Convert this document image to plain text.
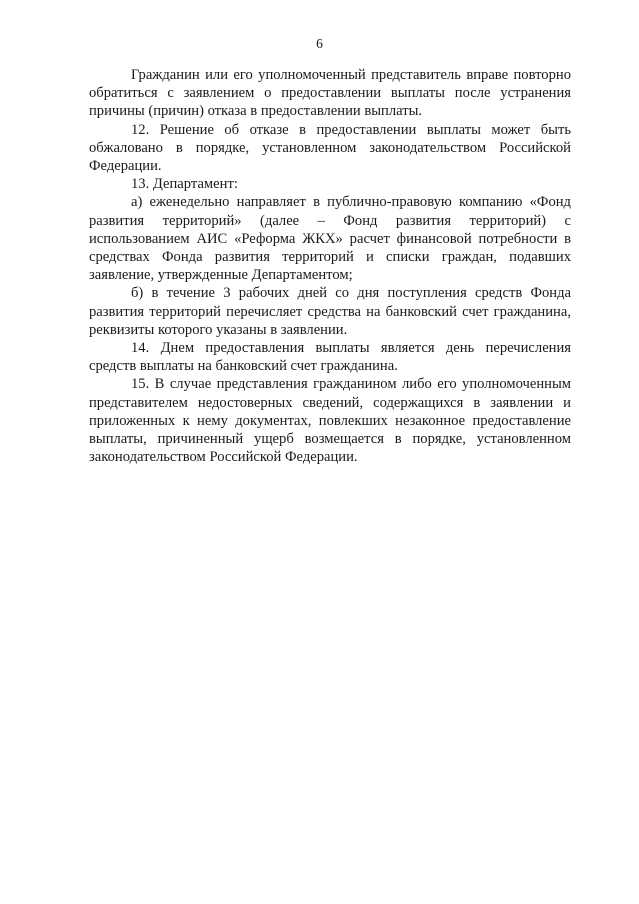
6

Гражданин или его уполномоченный представитель вправе повторно обратиться с заявлением о предоставлении выплаты после устранения причины (причин) отказа в предоставлении выплаты.

12. Решение об отказе в предоставлении выплаты может быть обжаловано в порядке, установленном законодательством Российской Федерации.

13. Департамент:

а) еженедельно направляет в публично-правовую компанию «Фонд развития территорий» (далее – Фонд развития территорий) с использованием АИС «Реформа ЖКХ» расчет финансовой потребности в средствах Фонда развития территорий и списки граждан, подавших заявление, утвержденные Департаментом;

б) в течение 3 рабочих дней со дня поступления средств Фонда развития территорий перечисляет средства на банковский счет гражданина, реквизиты которого указаны в заявлении.

14. Днем предоставления выплаты является день перечисления средств выплаты на банковский счет гражданина.

15. В случае представления гражданином либо его уполномоченным представителем недостоверных сведений, содержащихся в заявлении и приложенных к нему документах, повлекших незаконное предоставление выплаты, причиненный ущерб возмещается в порядке, установленном законодательством Российской Федерации.
